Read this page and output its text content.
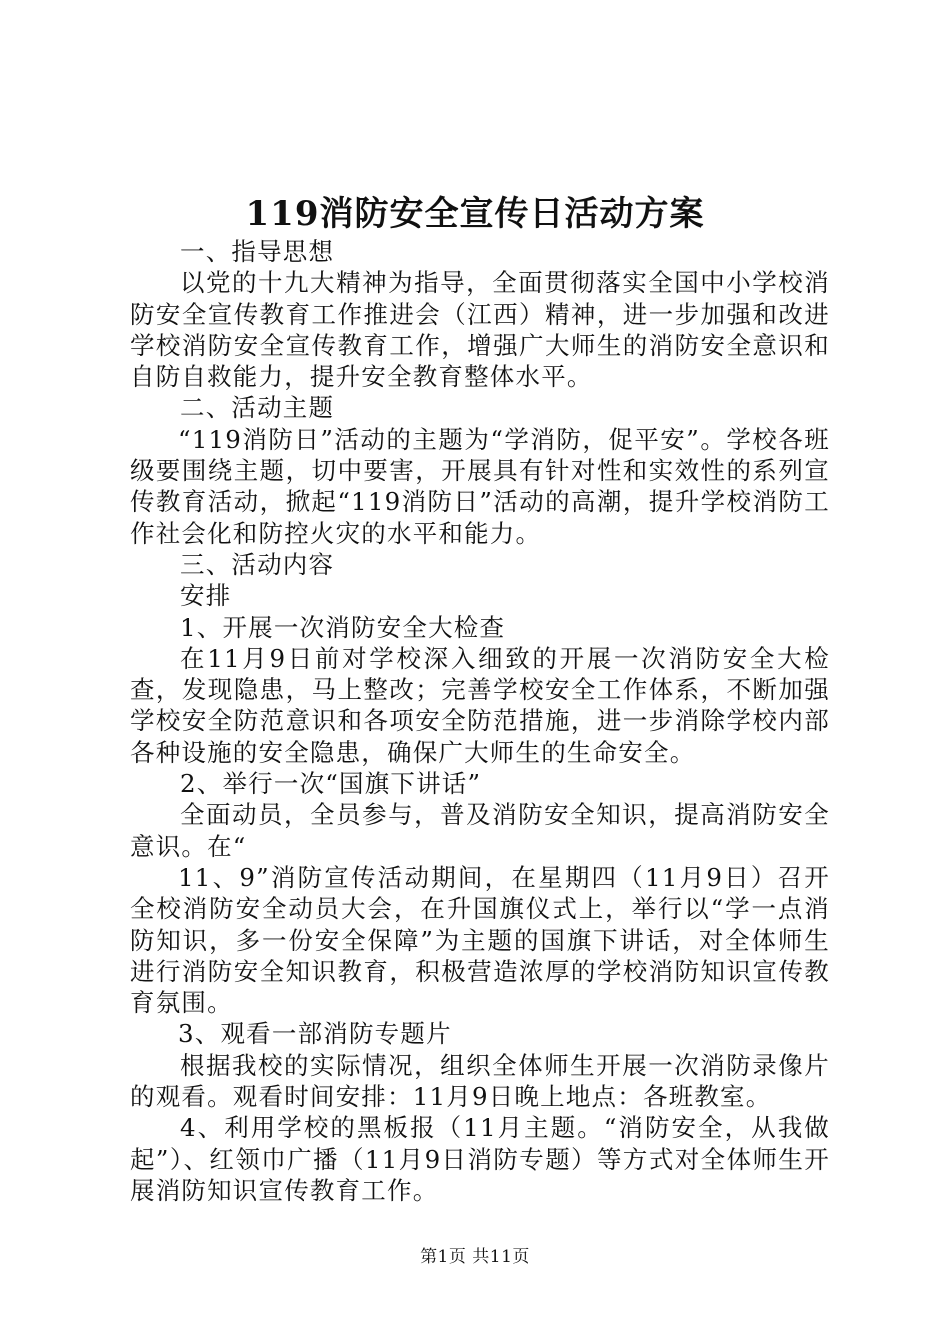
119消防安全宣传日活动方案

一、指导思想

以党的十九大精神为指导，全面贯彻落实全国中小学校消防安全宣传教育工作推进会（江西）精神，进一步加强和改进学校消防安全宣传教育工作，增强广大师生的消防安全意识和自防自救能力，提升安全教育整体水平。

二、活动主题

“119消防日”活动的主题为“学消防，促平安”。学校各班级要围绕主题，切中要害，开展具有针对性和实效性的系列宣传教育活动，掀起“119消防日”活动的高潮，提升学校消防工作社会化和防控火灾的水平和能力。

三、活动内容

安排

1、开展一次消防安全大检查

在11月9日前对学校深入细致的开展一次消防安全大检查，发现隐患，马上整改；完善学校安全工作体系，不断加强学校安全防范意识和各项安全防范措施，进一步消除学校内部各种设施的安全隐患，确保广大师生的生命安全。

2、举行一次“国旗下讲话”

全面动员，全员参与，普及消防安全知识，提高消防安全意识。在“

11、9”消防宣传活动期间，在星期四（11月9日）召开全校消防安全动员大会，在升国旗仪式上，举行以“学一点消防知识，多一份安全保障”为主题的国旗下讲话，对全体师生进行消防安全知识教育，积极营造浓厚的学校消防知识宣传教育氛围。

3、观看一部消防专题片

根据我校的实际情况，组织全体师生开展一次消防录像片的观看。观看时间安排：11月9日晚上地点：各班教室。

4、利用学校的黑板报（11月主题。“消防安全，从我做起”）、红领巾广播（11月9日消防专题）等方式对全体师生开展消防知识宣传教育工作。

第1页 共11页
